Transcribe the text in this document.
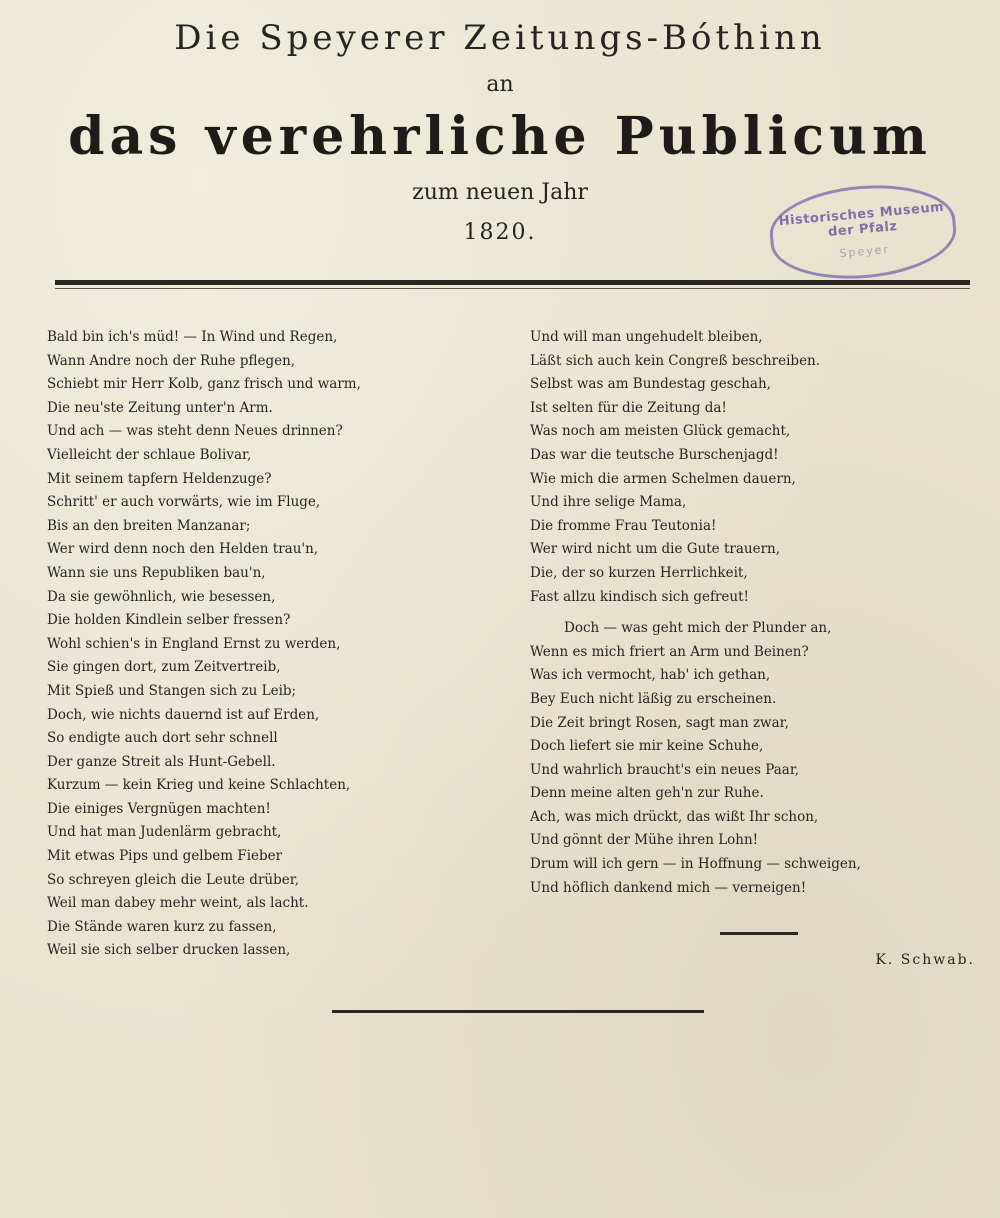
Die Speyerer Zeitungs-Bóthinn
an
das verehrliche Publicum
zum neuen Jahr
1820.
Historisches Museum der Pfalz
Speyer
Bald bin ich's müd! — In Wind und Regen,
Wann Andre noch der Ruhe pflegen,
Schiebt mir Herr Kolb, ganz frisch und warm,
Die neu'ste Zeitung unter'n Arm.
Und ach — was steht denn Neues drinnen?
Vielleicht der schlaue Bolivar,
Mit seinem tapfern Heldenzuge?
Schritt' er auch vorwärts, wie im Fluge,
Bis an den breiten Manzanar;
Wer wird denn noch den Helden trau'n,
Wann sie uns Republiken bau'n,
Da sie gewöhnlich, wie besessen,
Die holden Kindlein selber fressen?
Wohl schien's in England Ernst zu werden,
Sie gingen dort, zum Zeitvertreib,
Mit Spieß und Stangen sich zu Leib;
Doch, wie nichts dauernd ist auf Erden,
So endigte auch dort sehr schnell
Der ganze Streit als Hunt-Gebell.
Kurzum — kein Krieg und keine Schlachten,
Die einiges Vergnügen machten!
Und hat man Judenlärm gebracht,
Mit etwas Pips und gelbem Fieber
So schreyen gleich die Leute drüber,
Weil man dabey mehr weint, als lacht.
Die Stände waren kurz zu fassen,
Weil sie sich selber drucken lassen,
Und will man ungehudelt bleiben,
Läßt sich auch kein Congreß beschreiben.
Selbst was am Bundestag geschah,
Ist selten für die Zeitung da!
Was noch am meisten Glück gemacht,
Das war die teutsche Burschenjagd!
Wie mich die armen Schelmen dauern,
Und ihre selige Mama,
Die fromme Frau Teutonia!
Wer wird nicht um die Gute trauern,
Die, der so kurzen Herrlichkeit,
Fast allzu kindisch sich gefreut!
Doch — was geht mich der Plunder an,
Wenn es mich friert an Arm und Beinen?
Was ich vermocht, hab' ich gethan,
Bey Euch nicht läßig zu erscheinen.
Die Zeit bringt Rosen, sagt man zwar,
Doch liefert sie mir keine Schuhe,
Und wahrlich braucht's ein neues Paar,
Denn meine alten geh'n zur Ruhe.
Ach, was mich drückt, das wißt Ihr schon,
Und gönnt der Mühe ihren Lohn!
Drum will ich gern — in Hoffnung — schweigen,
Und höflich dankend mich — verneigen!
K. Schwab.
